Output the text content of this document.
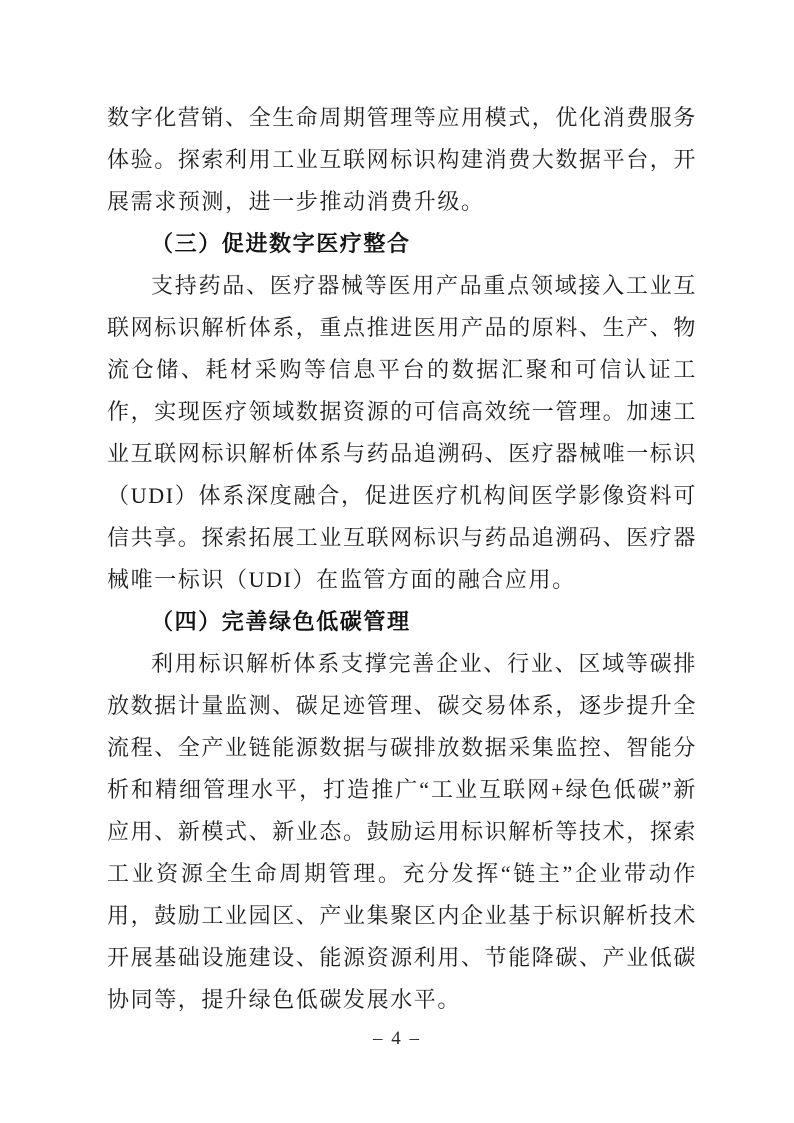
数字化营销、全生命周期管理等应用模式，优化消费服务体验。探索利用工业互联网标识构建消费大数据平台，开展需求预测，进一步推动消费升级。

（三）促进数字医疗整合

支持药品、医疗器械等医用产品重点领域接入工业互联网标识解析体系，重点推进医用产品的原料、生产、物流仓储、耗材采购等信息平台的数据汇聚和可信认证工作，实现医疗领域数据资源的可信高效统一管理。加速工业互联网标识解析体系与药品追溯码、医疗器械唯一标识（UDI）体系深度融合，促进医疗机构间医学影像资料可信共享。探索拓展工业互联网标识与药品追溯码、医疗器械唯一标识（UDI）在监管方面的融合应用。

（四）完善绿色低碳管理

利用标识解析体系支撑完善企业、行业、区域等碳排放数据计量监测、碳足迹管理、碳交易体系，逐步提升全流程、全产业链能源数据与碳排放数据采集监控、智能分析和精细管理水平，打造推广“工业互联网+绿色低碳”新应用、新模式、新业态。鼓励运用标识解析等技术，探索工业资源全生命周期管理。充分发挥“链主”企业带动作用，鼓励工业园区、产业集聚区内企业基于标识解析技术开展基础设施建设、能源资源利用、节能降碳、产业低碳协同等，提升绿色低碳发展水平。

– 4 –
